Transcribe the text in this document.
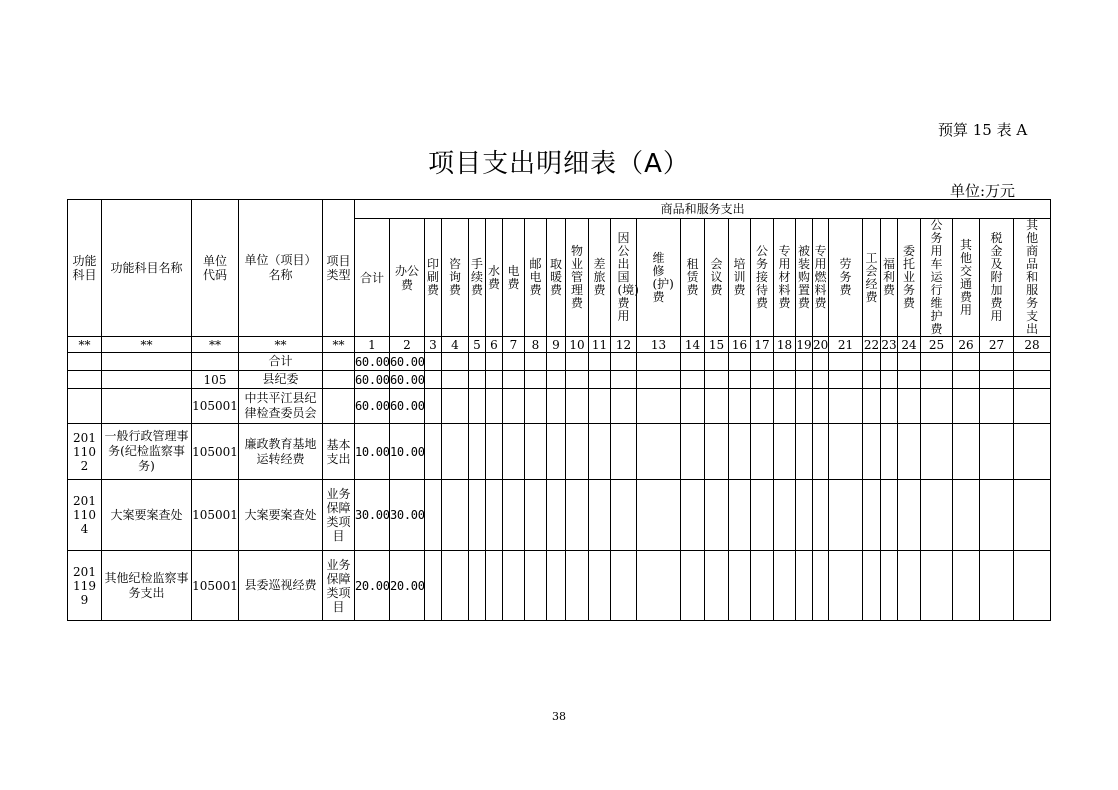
预算 15 表 A
项目支出明细表（A）
单位:万元
功能科目	功能科目名称	单位代码	单位（项目）名称	项目类型	商品和服务支出																											
					合计	办公费	印刷费	咨询费	手续费	水费	电费	邮电费	取暖费	物业管理费	差旅费	因公出国(境)费用	维修(护)费	租赁费	会议费	培训费	公务接待费	专用材料费	被装购置费	专用燃料费	劳务费	工会经费	福利费	委托业务费	公务用车运行维护费	其他交通费用	税金及附加费用	其他商品和服务支出
**	**	**	**	**	1	2	3	4	5	6	7	8	9	10	11	12	13	14	15	16	17	18	19	20	21	22	23	24	25	26	27	28
			合计		60.00	60.00																										
		105	县纪委		60.00	60.00																										
		105001	中共平江县纪律检查委员会		60.00	60.00																										
2011102	一般行政管理事务(纪检监察事务)	105001	廉政教育基地运转经费	基本支出	10.00	10.00																										
2011104	大案要案查处	105001	大案要案查处	业务保障类项目	30.00	30.00																										
2011199	其他纪检监察事务支出	105001	县委巡视经费	业务保障类项目	20.00	20.00																										
38
